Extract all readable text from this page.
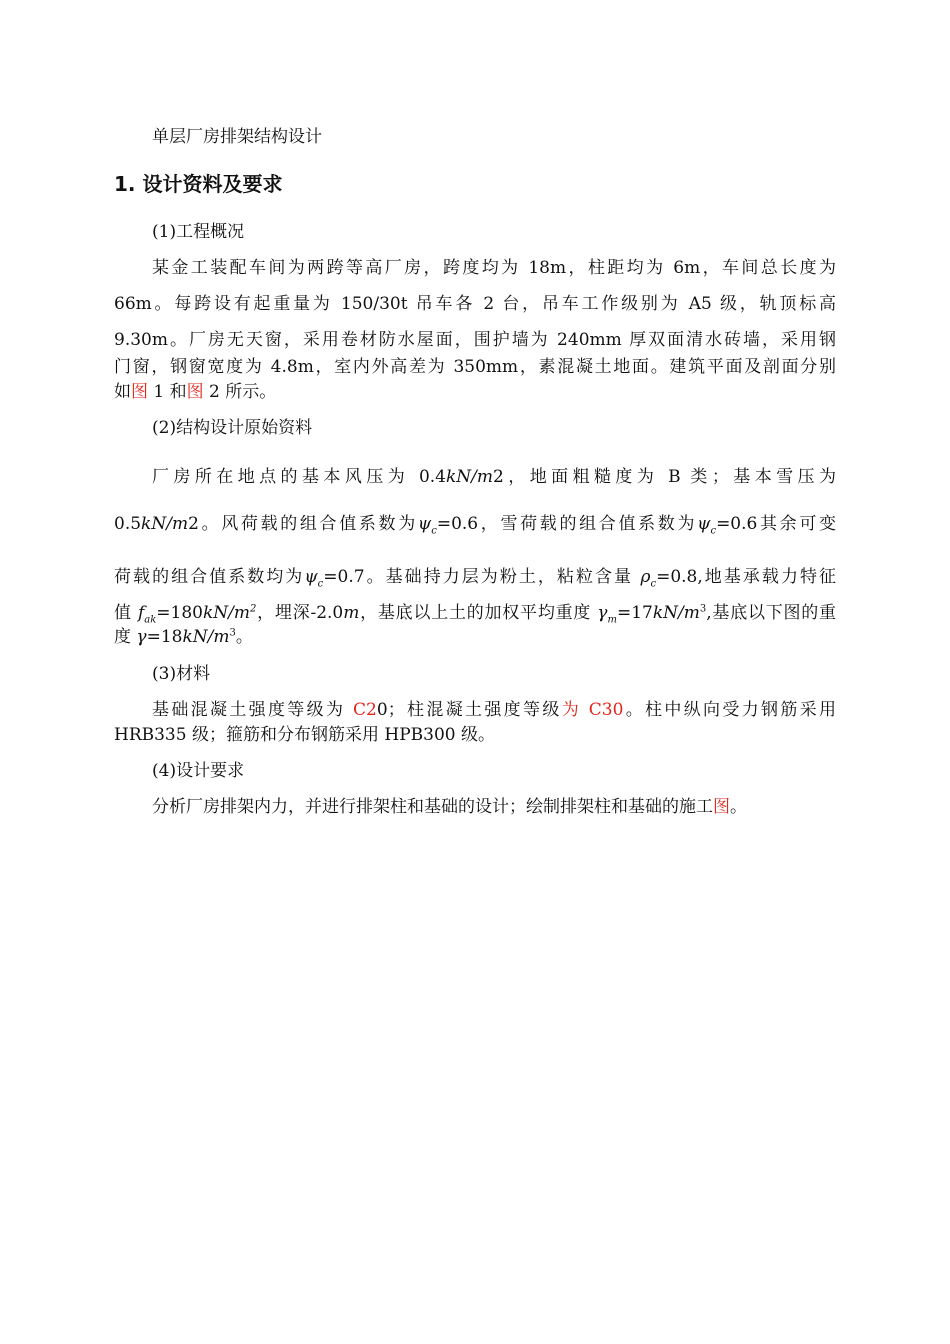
单层厂房排架结构设计
1. 设计资料及要求
(1)工程概况
某金工装配车间为两跨等高厂房，跨度均为 18m，柱距均为 6m，车间总长度为
66m。每跨设有起重量为 150/30t 吊车各 2 台，吊车工作级别为 A5 级，轨顶标高
9.30m。厂房无天窗，采用卷材防水屋面，围护墙为 240mm 厚双面清水砖墙，采用钢
门窗，钢窗宽度为 4.8m，室内外高差为 350mm，素混凝土地面。建筑平面及剖面分别
如图 1 和图 2 所示。
(2)结构设计原始资料
厂房所在地点的基本风压为 0.4kN/m2，地面粗糙度为 B 类；基本雪压为
0.5kN/m2。风荷载的组合值系数为$\psi_c=0.6$，雪荷载的组合值系数为$\psi_c=0.6$其余可变
荷载的组合值系数均为$\psi_c=0.7$。基础持力层为粉土，粘粒含量 $\rho_c=0.8$,地基承载力特征
值 $f_{ak}=180kN/m^2$，埋深-2.0m，基底以上土的加权平均重度 $\gamma_m=17kN/m^3$,基底以下图的重
度 $\gamma=18kN/m^3$。
(3)材料
基础混凝土强度等级为 C20；柱混凝土强度等级为 C30。柱中纵向受力钢筋采用
HRB335 级；箍筋和分布钢筋采用 HPB300 级。
(4)设计要求
分析厂房排架内力，并进行排架柱和基础的设计；绘制排架柱和基础的施工图。
